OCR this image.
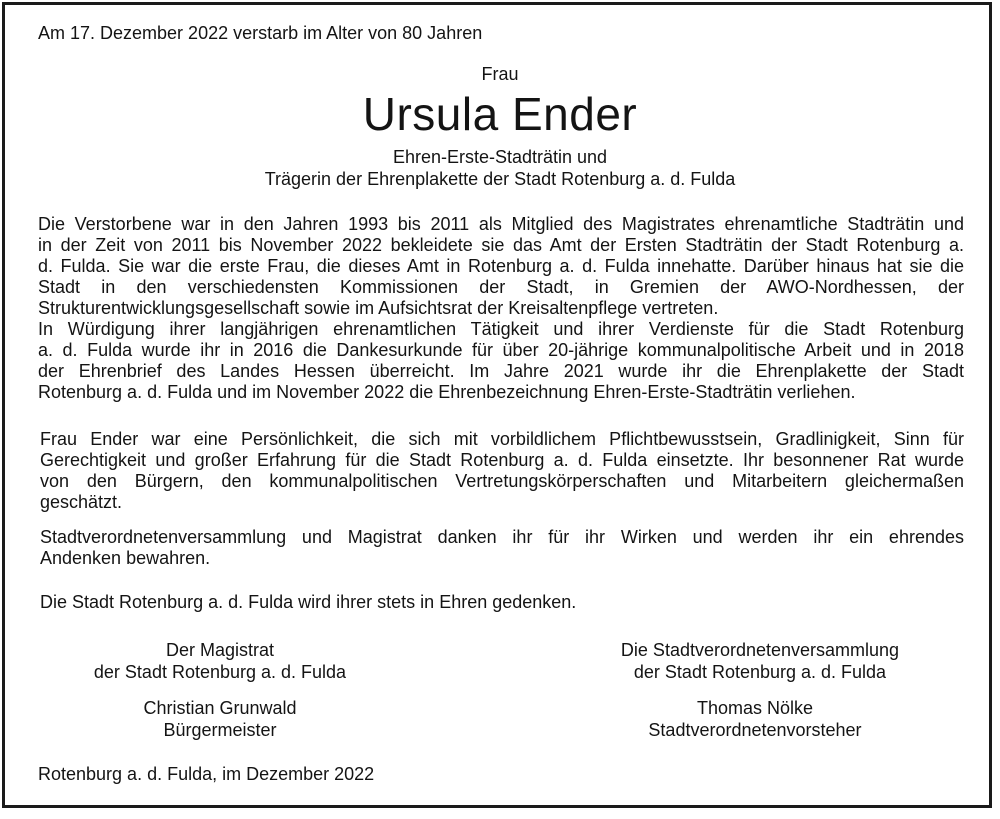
Am 17. Dezember 2022 verstarb im Alter von 80 Jahren
Frau
Ursula Ender
Ehren-Erste-Stadträtin und
Trägerin der Ehrenplakette der Stadt Rotenburg a. d. Fulda
Die Verstorbene war in den Jahren 1993 bis 2011 als Mitglied des Magistrates ehrenamtliche Stadträtin und
in der Zeit von 2011 bis November 2022 bekleidete sie das Amt der Ersten Stadträtin der Stadt Rotenburg a.
d. Fulda. Sie war die erste Frau, die dieses Amt in Rotenburg a. d. Fulda innehatte. Darüber hinaus hat sie die
Stadt in den verschiedensten Kommissionen der Stadt, in Gremien der AWO-Nordhessen, der
Strukturentwicklungsgesellschaft sowie im Aufsichtsrat der Kreisaltenpflege vertreten.
In Würdigung ihrer langjährigen ehrenamtlichen Tätigkeit und ihrer Verdienste für die Stadt Rotenburg
a. d. Fulda wurde ihr in 2016 die Dankesurkunde für über 20-jährige kommunalpolitische Arbeit und in 2018
der Ehrenbrief des Landes Hessen überreicht. Im Jahre 2021 wurde ihr die Ehrenplakette der Stadt
Rotenburg a. d. Fulda und im November 2022 die Ehrenbezeichnung Ehren-Erste-Stadträtin verliehen.
Frau Ender war eine Persönlichkeit, die sich mit vorbildlichem Pflichtbewusstsein, Gradlinigkeit, Sinn für
Gerechtigkeit und großer Erfahrung für die Stadt Rotenburg a. d. Fulda einsetzte. Ihr besonnener Rat wurde
von den Bürgern, den kommunalpolitischen Vertretungskörperschaften und Mitarbeitern gleichermaßen
geschätzt.
Stadtverordnetenversammlung und Magistrat danken ihr für ihr Wirken und werden ihr ein ehrendes
Andenken bewahren.
Die Stadt Rotenburg a. d. Fulda wird ihrer stets in Ehren gedenken.
Der Magistrat
der Stadt Rotenburg a. d. Fulda
Christian Grunwald
Bürgermeister
Die Stadtverordnetenversammlung
der Stadt Rotenburg a. d. Fulda
Thomas Nölke
Stadtverordnetenvorsteher
Rotenburg a. d. Fulda, im Dezember 2022
